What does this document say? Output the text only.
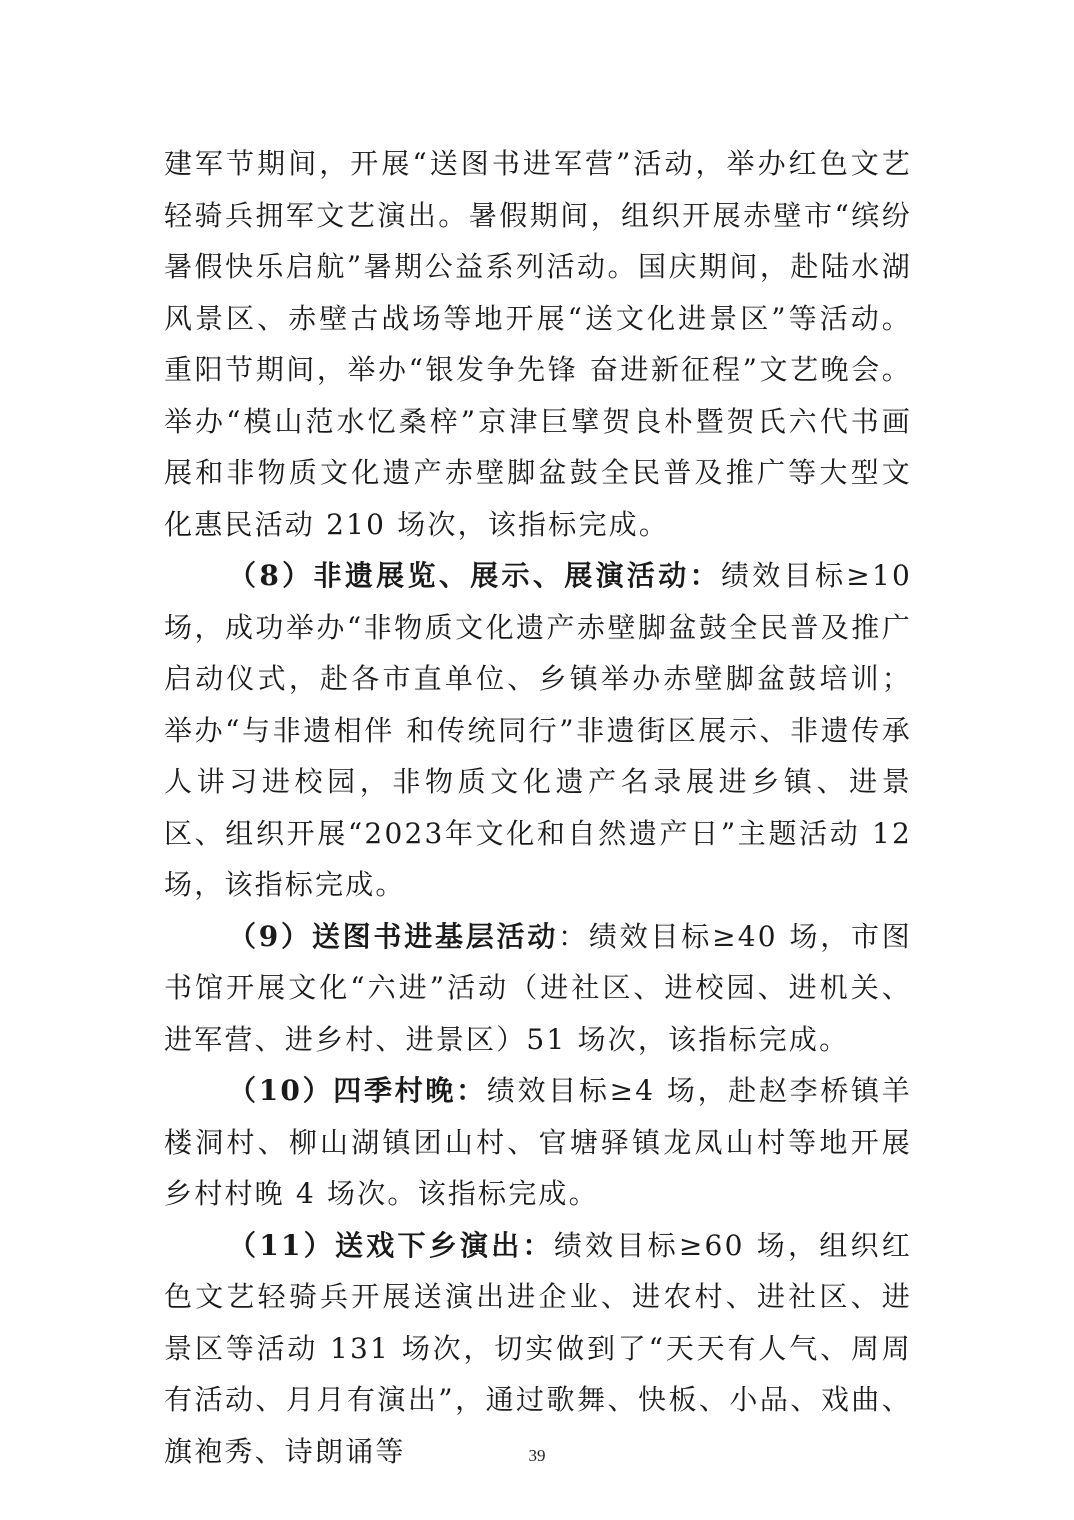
建军节期间，开展“送图书进军营”活动，举办红色文艺轻骑兵拥军文艺演出。暑假期间，组织开展赤壁市“缤纷暑假快乐启航”暑期公益系列活动。国庆期间，赴陆水湖风景区、赤壁古战场等地开展“送文化进景区”等活动。重阳节期间，举办“银发争先锋 奋进新征程”文艺晚会。举办“模山范水忆桑梓”京津巨擘贺良朴暨贺氏六代书画展和非物质文化遗产赤壁脚盆鼓全民普及推广等大型文化惠民活动 210 场次，该指标完成。

（8）非遗展览、展示、展演活动：绩效目标≥10 场，成功举办“非物质文化遗产赤壁脚盆鼓全民普及推广启动仪式，赴各市直单位、乡镇举办赤壁脚盆鼓培训；举办“与非遗相伴 和传统同行”非遗街区展示、非遗传承人讲习进校园，非物质文化遗产名录展进乡镇、进景区、组织开展“2023年文化和自然遗产日”主题活动 12 场，该指标完成。

（9）送图书进基层活动：绩效目标≥40 场，市图书馆开展文化“六进”活动（进社区、进校园、进机关、进军营、进乡村、进景区）51 场次，该指标完成。

（10）四季村晚：绩效目标≥4 场，赴赵李桥镇羊楼洞村、柳山湖镇团山村、官塘驿镇龙凤山村等地开展乡村村晚 4 场次。该指标完成。

（11）送戏下乡演出：绩效目标≥60 场，组织红色文艺轻骑兵开展送演出进企业、进农村、进社区、进景区等活动 131 场次，切实做到了“天天有人气、周周有活动、月月有演出”，通过歌舞、快板、小品、戏曲、旗袍秀、诗朗诵等	39
